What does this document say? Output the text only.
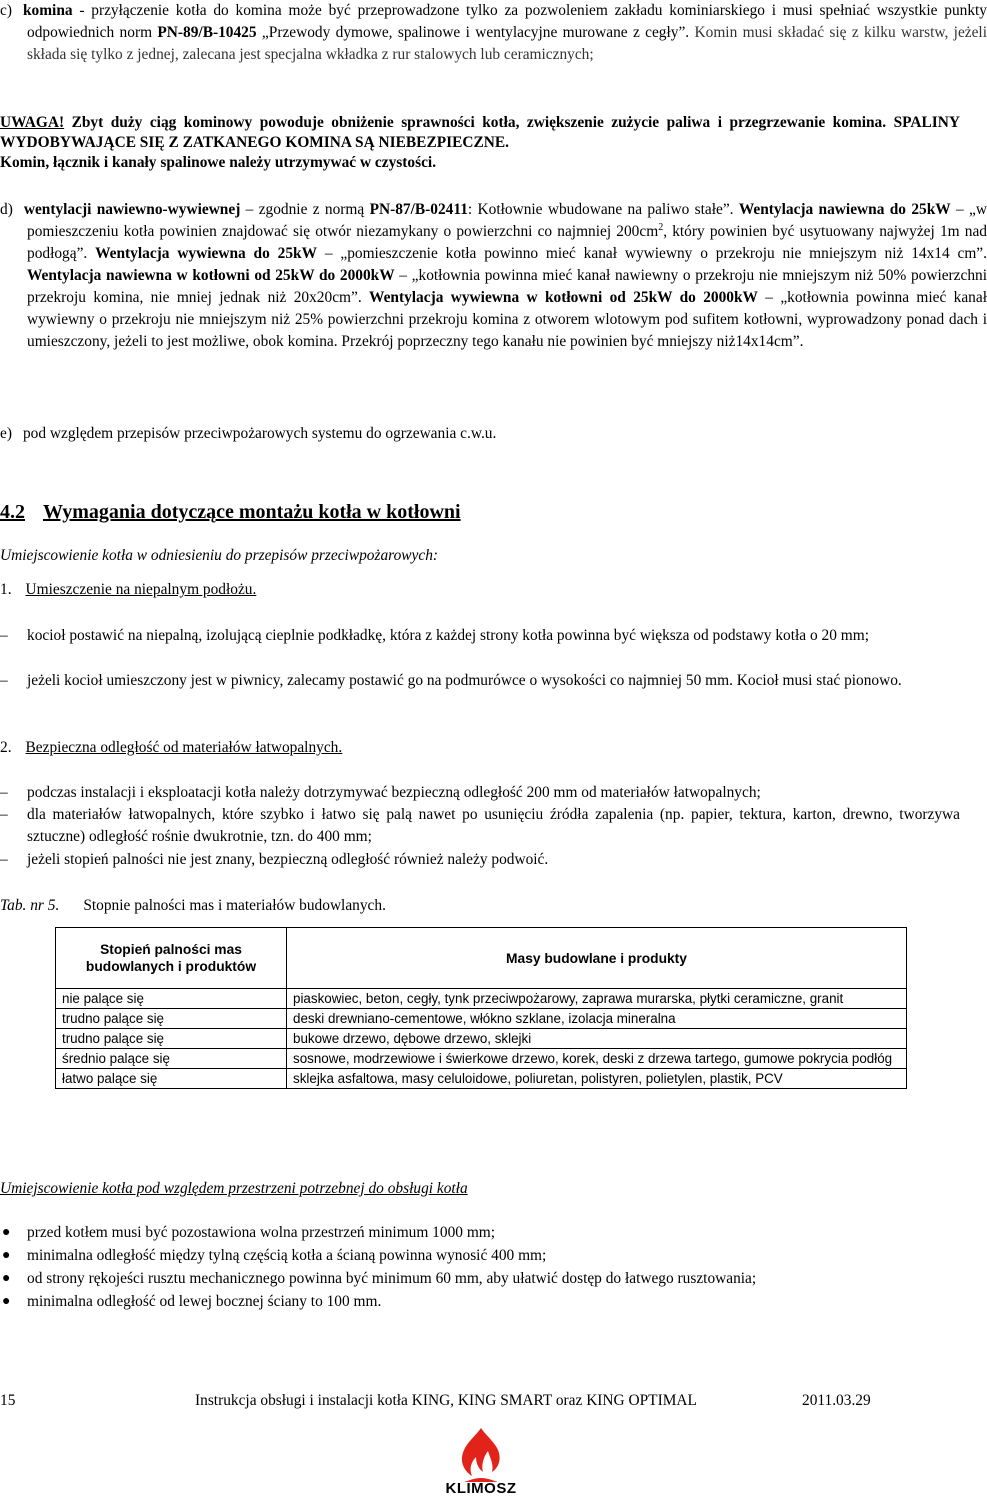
c) komina - przyłączenie kotła do komina może być przeprowadzone tylko za pozwoleniem zakładu kominiarskiego i musi spełniać wszystkie punkty odpowiednich norm PN-89/B-10425 „Przewody dymowe, spalinowe i wentylacyjne murowane z cegły”. Komin musi składać się z kilku warstw, jeżeli składa się tylko z jednej, zalecana jest specjalna wkładka z rur stalowych lub ceramicznych;
UWAGA! Zbyt duży ciąg kominowy powoduje obniżenie sprawności kotła, zwiększenie zużycie paliwa i przegrzewanie komina. SPALINY WYDOBYWAJĄCE SIĘ Z ZATKANEGO KOMINA SĄ NIEBEZPIECZNE.
Komin, łącznik i kanały spalinowe należy utrzymywać w czystości.
d) wentylacji nawiewno-wywiewnej – zgodnie z normą PN-87/B-02411: Kotłownie wbudowane na paliwo stałe”. Wentylacja nawiewna do 25kW – „w pomieszczeniu kotła powinien znajdować się otwór niezamykany o powierzchni co najmniej $200cm^2$, który powinien być usytuowany najwyżej 1m nad podłogą”. Wentylacja wywiewna do 25kW – „pomieszczenie kotła powinno mieć kanał wywiewny o przekroju nie mniejszym niż 14x14 cm”. Wentylacja nawiewna w kotłowni od 25kW do 2000kW – „kotłownia powinna mieć kanał nawiewny o przekroju nie mniejszym niż 50% powierzchni przekroju komina, nie mniej jednak niż 20x20cm”. Wentylacja wywiewna w kotłowni od 25kW do 2000kW – „kotłownia powinna mieć kanał wywiewny o przekroju nie mniejszym niż 25% powierzchni przekroju komina z otworem wlotowym pod sufitem kotłowni, wyprowadzony ponad dach i umieszczony, jeżeli to jest możliwe, obok komina. Przekrój poprzeczny tego kanału nie powinien być mniejszy niż14x14cm”.
e) pod względem przepisów przeciwpożarowych systemu do ogrzewania c.w.u.
4.2 Wymagania dotyczące montażu kotła w kotłowni
Umiejscowienie kotła w odniesieniu do przepisów przeciwpożarowych:
1. Umieszczenie na niepalnym podłożu.
– kocioł postawić na niepalną, izolującą cieplnie podkładkę, która z każdej strony kotła powinna być większa od podstawy kotła o 20 mm;
– jeżeli kocioł umieszczony jest w piwnicy, zalecamy postawić go na podmurówce o wysokości co najmniej 50 mm. Kocioł musi stać pionowo.
2. Bezpieczna odległość od materiałów łatwopalnych.
– podczas instalacji i eksploatacji kotła należy dotrzymywać bezpieczną odległość 200 mm od materiałów łatwopalnych;
– dla materiałów łatwopalnych, które szybko i łatwo się palą nawet po usunięciu źródła zapalenia (np. papier, tektura, karton, drewno, tworzywa sztuczne) odległość rośnie dwukrotnie, tzn. do 400 mm;
– jeżeli stopień palności nie jest znany, bezpieczną odległość również należy podwoić.
Tab. nr 5. Stopnie palności mas i materiałów budowlanych.
Stopień palności mas budowlanych i produktów	Masy budowlane i produkty
nie palące się	piaskowiec, beton, cegły, tynk przeciwpożarowy, zaprawa murarska, płytki ceramiczne, granit
trudno palące się	deski drewniano-cementowe, włókno szklane, izolacja mineralna
trudno palące się	bukowe drzewo, dębowe drzewo, sklejki
średnio palące się	sosnowe, modrzewiowe i świerkowe drzewo, korek, deski z drzewa tartego, gumowe pokrycia podłóg
łatwo palące się	sklejka asfaltowa, masy celuloidowe, poliuretan, polistyren, polietylen, plastik, PCV
Umiejscowienie kotła pod względem przestrzeni potrzebnej do obsługi kotła
● przed kotłem musi być pozostawiona wolna przestrzeń minimum 1000 mm;
● minimalna odległość między tylną częścią kotła a ścianą powinna wynosić 400 mm;
● od strony rękojeści rusztu mechanicznego powinna być minimum 60 mm, aby ułatwić dostęp do łatwego rusztowania;
● minimalna odległość od lewej bocznej ściany to 100 mm.
15	Instrukcja obsługi i instalacji kotła KING, KING SMART oraz KING OPTIMAL	2011.03.29
KLIMOSZ
